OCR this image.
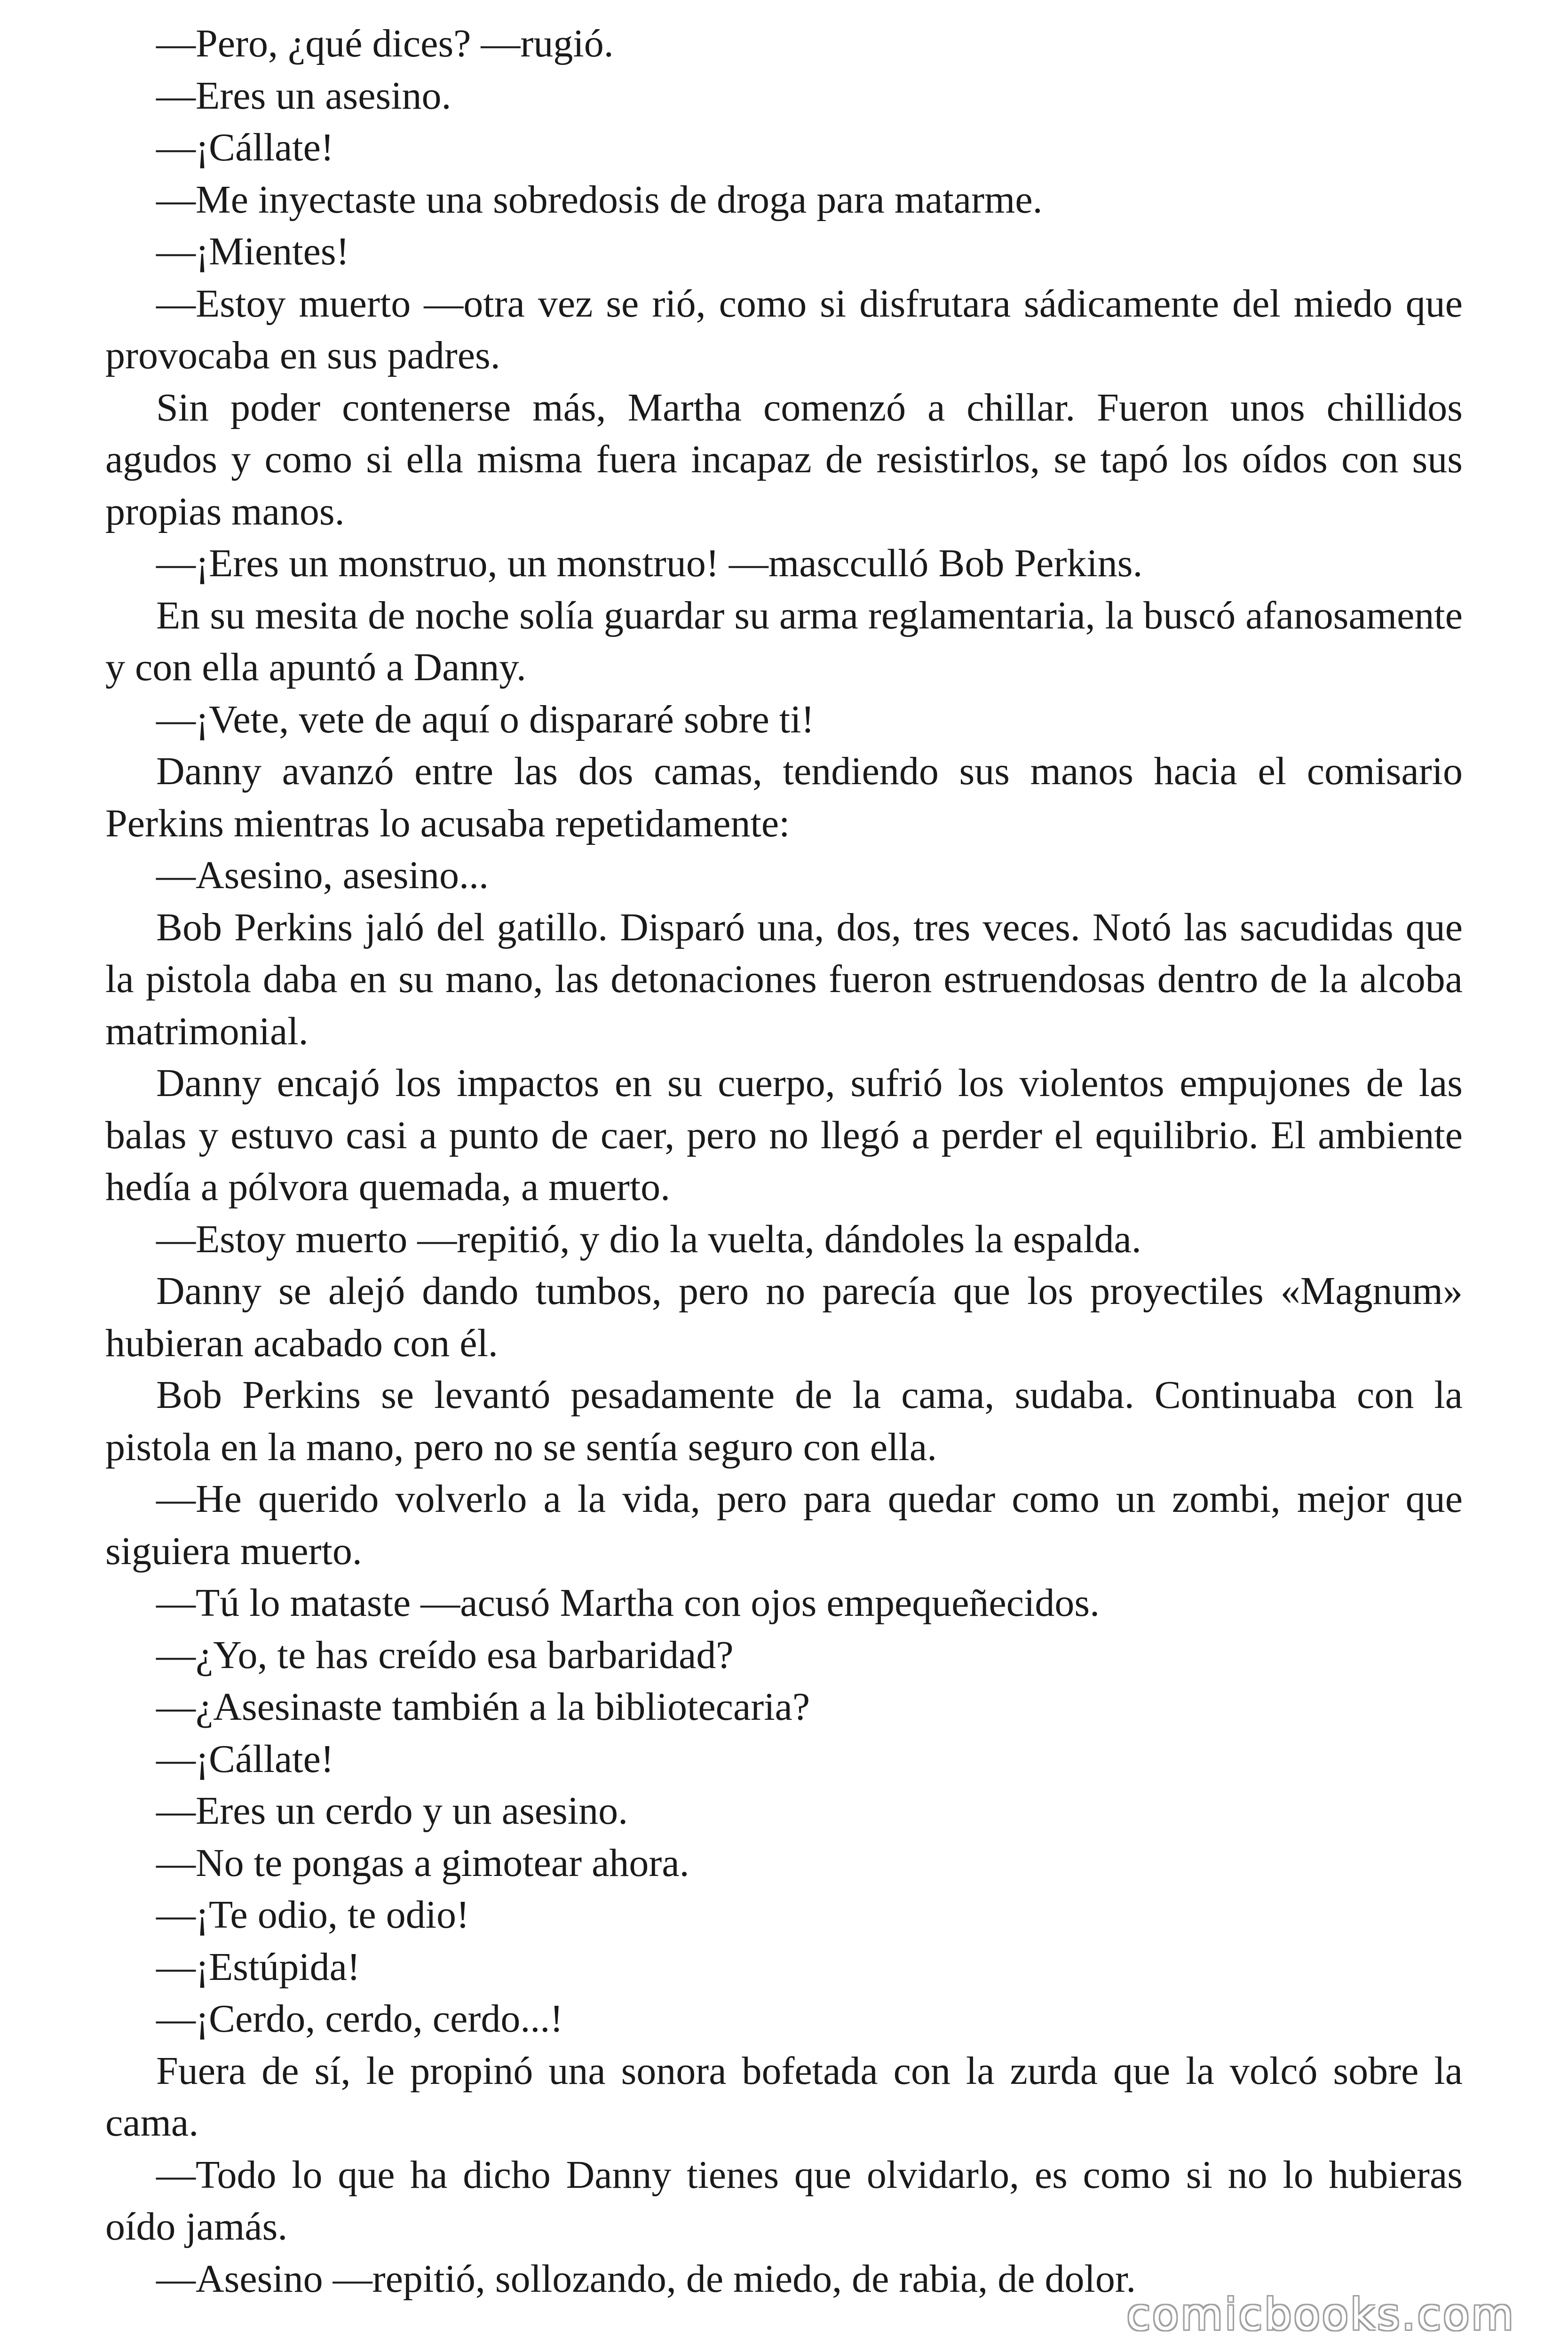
—Pero, ¿qué dices? —rugió.

—Eres un asesino.

—¡Cállate!

—Me inyectaste una sobredosis de droga para matarme.

—¡Mientes!

—Estoy muerto —otra vez se rió, como si disfrutara sádicamente del miedo que provocaba en sus padres.

Sin poder contenerse más, Martha comenzó a chillar. Fueron unos chillidos agudos y como si ella misma fuera incapaz de resistirlos, se tapó los oídos con sus propias manos.

—¡Eres un monstruo, un monstruo! —mascculló Bob Perkins.

En su mesita de noche solía guardar su arma reglamentaria, la buscó afanosamente y con ella apuntó a Danny.

—¡Vete, vete de aquí o dispararé sobre ti!

Danny avanzó entre las dos camas, tendiendo sus manos hacia el comisario Perkins mientras lo acusaba repetidamente:

—Asesino, asesino...

Bob Perkins jaló del gatillo. Disparó una, dos, tres veces. Notó las sacudidas que la pistola daba en su mano, las detonaciones fueron estruendosas dentro de la alcoba matrimonial.

Danny encajó los impactos en su cuerpo, sufrió los violentos empujones de las balas y estuvo casi a punto de caer, pero no llegó a perder el equilibrio. El ambiente hedía a pólvora quemada, a muerto.

—Estoy muerto —repitió, y dio la vuelta, dándoles la espalda.

Danny se alejó dando tumbos, pero no parecía que los proyectiles «Magnum» hubieran acabado con él.

Bob Perkins se levantó pesadamente de la cama, sudaba. Continuaba con la pistola en la mano, pero no se sentía seguro con ella.

—He querido volverlo a la vida, pero para quedar como un zombi, mejor que siguiera muerto.

—Tú lo mataste —acusó Martha con ojos empequeñecidos.

—¿Yo, te has creído esa barbaridad?

—¿Asesinaste también a la bibliotecaria?

—¡Cállate!

—Eres un cerdo y un asesino.

—No te pongas a gimotear ahora.

—¡Te odio, te odio!

—¡Estúpida!

—¡Cerdo, cerdo, cerdo...!

Fuera de sí, le propinó una sonora bofetada con la zurda que la volcó sobre la cama.

—Todo lo que ha dicho Danny tienes que olvidarlo, es como si no lo hubieras oído jamás.

—Asesino —repitió, sollozando, de miedo, de rabia, de dolor.

comicbooks.com
